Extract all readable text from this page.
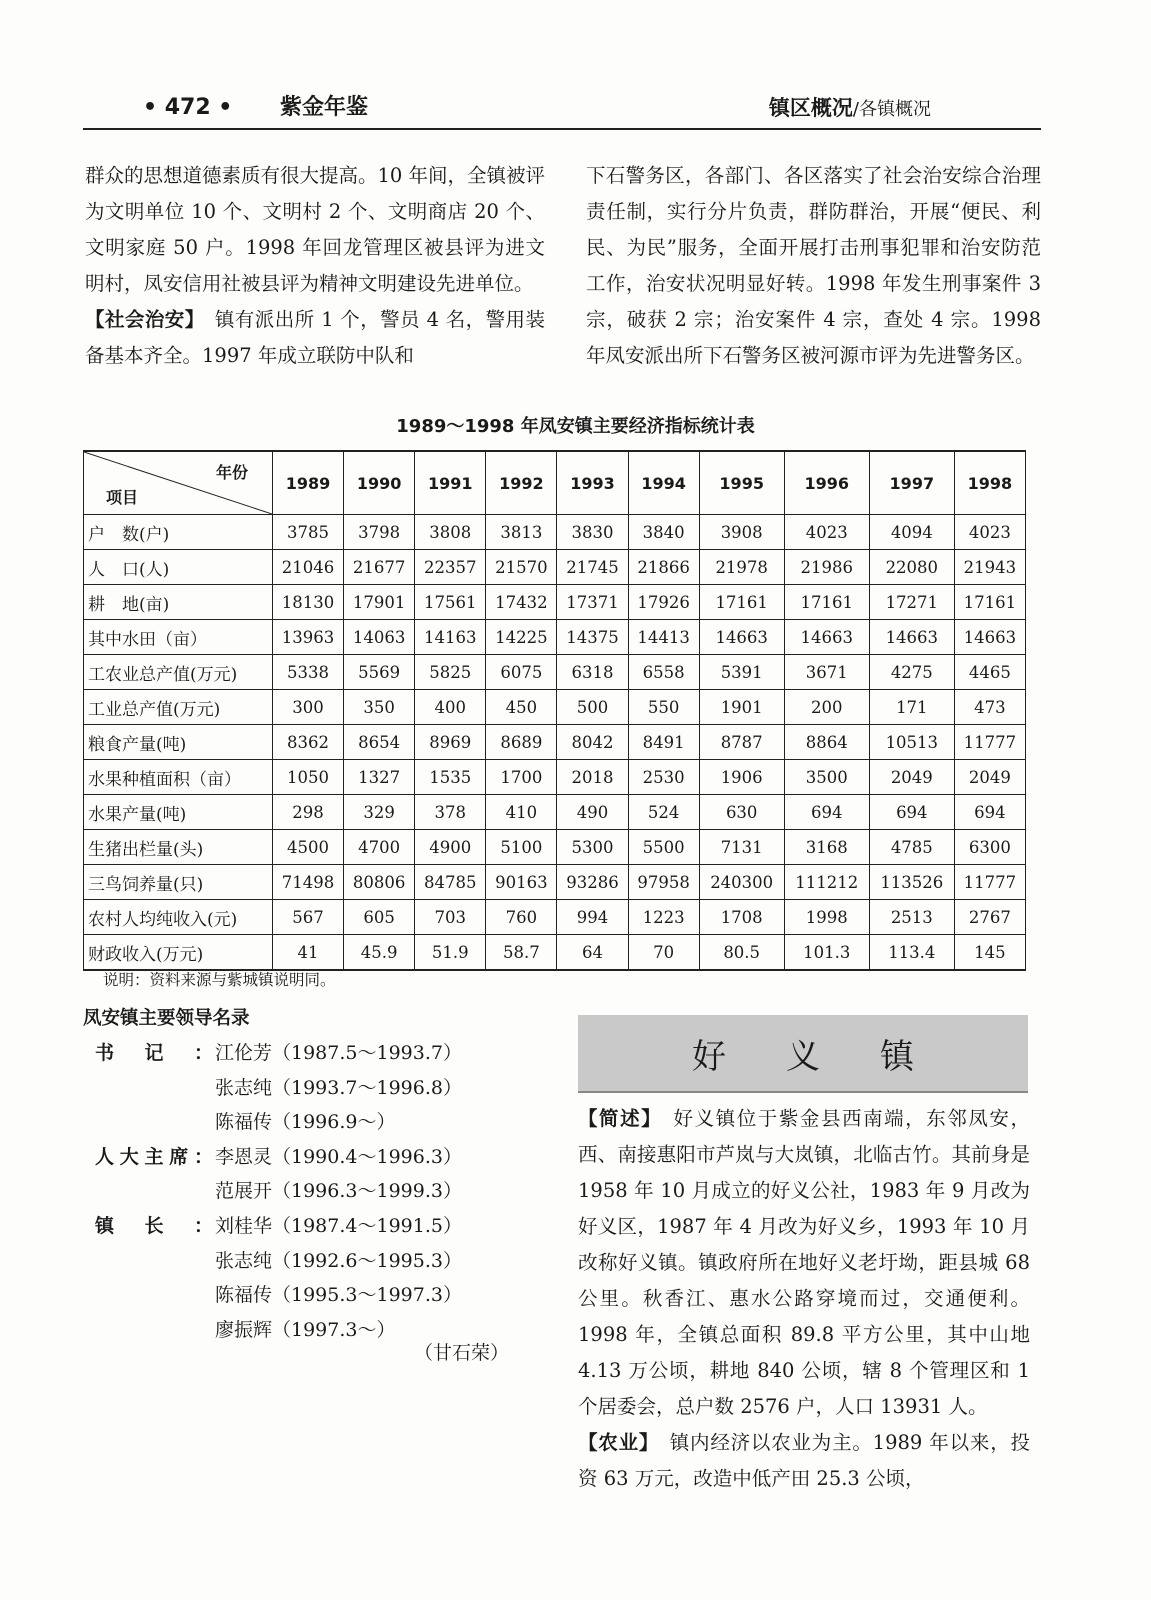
• 472 • 紫金年鉴	镇区概况/各镇概况

群众的思想道德素质有很大提高。10 年间，全镇被评为文明单位 10 个、文明村 2 个、文明商店 20 个、文明家庭 50 户。1998 年回龙管理区被县评为进文明村，凤安信用社被县评为精神文明建设先进单位。

【社会治安】　镇有派出所 1 个，警员 4 名，警用装备基本齐全。1997 年成立联防中队和

下石警务区，各部门、各区落实了社会治安综合治理责任制，实行分片负责，群防群治，开展“便民、利民、为民”服务，全面开展打击刑事犯罪和治安防范工作，治安状况明显好转。1998 年发生刑事案件 3 宗，破获 2 宗；治安案件 4 宗，查处 4 宗。1998 年凤安派出所下石警务区被河源市评为先进警务区。

1989～1998 年凤安镇主要经济指标统计表
年份
项目	1989	1990	1991	1992	1993	1994	1995	1996	1997	1998
户　数(户)	3785	3798	3808	3813	3830	3840	3908	4023	4094	4023
人　口(人)	21046	21677	22357	21570	21745	21866	21978	21986	22080	21943
耕　地(亩)	18130	17901	17561	17432	17371	17926	17161	17161	17271	17161
其中水田（亩）	13963	14063	14163	14225	14375	14413	14663	14663	14663	14663
工农业总产值(万元)	5338	5569	5825	6075	6318	6558	5391	3671	4275	4465
工业总产值(万元)	300	350	400	450	500	550	1901	200	171	473
粮食产量(吨)	8362	8654	8969	8689	8042	8491	8787	8864	10513	11777
水果种植面积（亩）	1050	1327	1535	1700	2018	2530	1906	3500	2049	2049
水果产量(吨)	298	329	378	410	490	524	630	694	694	694
生猪出栏量(头)	4500	4700	4900	5100	5300	5500	7131	3168	4785	6300
三鸟饲养量(只)	71498	80806	84785	90163	93286	97958	240300	111212	113526	11777
农村人均纯收入(元)	567	605	703	760	994	1223	1708	1998	2513	2767
财政收入(万元)	41	45.9	51.9	58.7	64	70	80.5	101.3	113.4	145
说明：资料来源与紫城镇说明同。
凤安镇主要领导名录
书记： 江伦芳（1987.5～1993.7）
张志纯（1993.7～1996.8）
陈福传（1996.9～）
人大主席： 李恩灵（1990.4～1996.3）
范展开（1996.3～1999.3）
镇长： 刘桂华（1987.4～1991.5）
张志纯（1992.6～1995.3）
陈福传（1995.3～1997.3）
廖振辉（1997.3～）
（甘石荣）
好义镇

【简述】　好义镇位于紫金县西南端，东邻凤安，西、南接惠阳市芦岚与大岚镇，北临古竹。其前身是 1958 年 10 月成立的好义公社，1983 年 9 月改为好义区，1987 年 4 月改为好义乡，1993 年 10 月改称好义镇。镇政府所在地好义老圩坳，距县城 68 公里。秋香江、惠水公路穿境而过，交通便利。1998 年，全镇总面积 89.8 平方公里，其中山地 4.13 万公顷，耕地 840 公顷，辖 8 个管理区和 1 个居委会，总户数 2576 户，人口 13931 人。

【农业】　镇内经济以农业为主。1989 年以来，投资 63 万元，改造中低产田 25.3 公顷，
